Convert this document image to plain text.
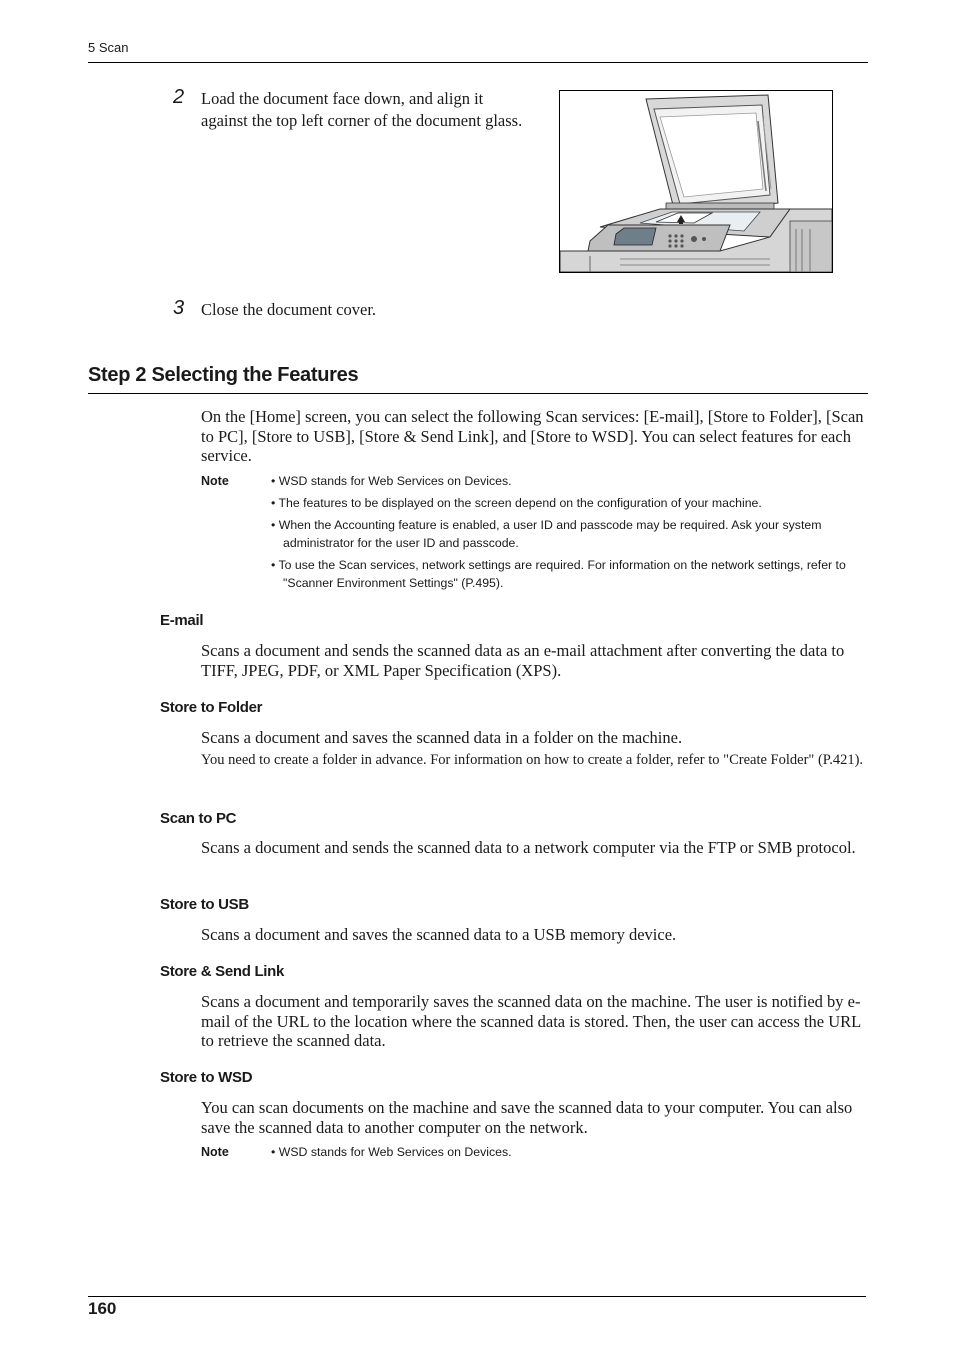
5 Scan
2 Load the document face down, and align it against the top left corner of the document glass.
3 Close the document cover.
Step 2 Selecting the Features
On the [Home] screen, you can select the following Scan services: [E-mail], [Store to Folder], [Scan to PC], [Store to USB], [Store & Send Link], and [Store to WSD]. You can select features for each service.
Note	• WSD stands for Web Services on Devices.
• The features to be displayed on the screen depend on the configuration of your machine.
• When the Accounting feature is enabled, a user ID and passcode may be required. Ask your system administrator for the user ID and passcode.
• To use the Scan services, network settings are required. For information on the network settings, refer to "Scanner Environment Settings" (P.495).
E-mail
Scans a document and sends the scanned data as an e-mail attachment after converting the data to TIFF, JPEG, PDF, or XML Paper Specification (XPS).
Store to Folder
Scans a document and saves the scanned data in a folder on the machine.
You need to create a folder in advance. For information on how to create a folder, refer to "Create Folder" (P.421).
Scan to PC
Scans a document and sends the scanned data to a network computer via the FTP or SMB protocol.
Store to USB
Scans a document and saves the scanned data to a USB memory device.
Store & Send Link
Scans a document and temporarily saves the scanned data on the machine. The user is notified by e-mail of the URL to the location where the scanned data is stored. Then, the user can access the URL to retrieve the scanned data.
Store to WSD
You can scan documents on the machine and save the scanned data to your computer. You can also save the scanned data to another computer on the network.
Note	• WSD stands for Web Services on Devices.
160
